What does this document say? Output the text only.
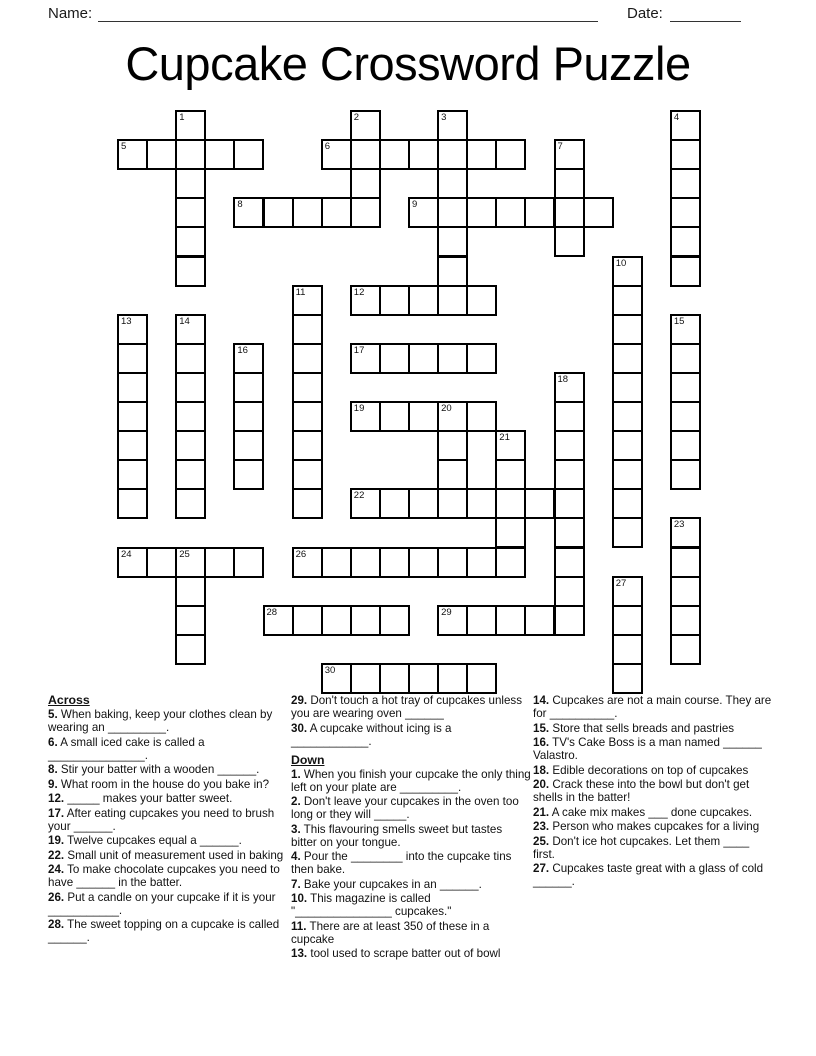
Name:	Date:
Cupcake Crossword Puzzle
1	2	3	4
5	6	7
8	9
10
11	12
13	14	15
16	17
18
19	20
21
22
23
24	25	26
27
28	29
30

Across

5. When baking, keep your clothes clean by wearing an _________.

6. A small iced cake is called a _______________.

8. Stir your batter with a wooden ______.

9. What room in the house do you bake in?

12. _____ makes your batter sweet.

17. After eating cupcakes you need to brush your ______.

19. Twelve cupcakes equal a ______.

22. Small unit of measurement used in baking

24. To make chocolate cupcakes you need to have ______ in the batter.

26. Put a candle on your cupcake if it is your ___________.

28. The sweet topping on a cupcake is called ______.

29. Don't touch a hot tray of cupcakes unless you are wearing oven ______

30. A cupcake without icing is a ____________.

Down

1. When you finish your cupcake the only thing left on your plate are _________.

2. Don't leave your cupcakes in the oven too long or they will _____.

3. This flavouring smells sweet but tastes bitter on your tongue.

4. Pour the ________ into the cupcake tins then bake.

7. Bake your cupcakes in an ______.

10. This magazine is called "_______________ cupcakes."

11. There are at least 350 of these in a cupcake

13. tool used to scrape batter out of bowl

14. Cupcakes are not a main course. They are for __________.

15. Store that sells breads and pastries

16. TV's Cake Boss is a man named ______ Valastro.

18. Edible decorations on top of cupcakes

20. Crack these into the bowl but don't get shells in the batter!

21. A cake mix makes ___ done cupcakes.

23. Person who makes cupcakes for a living

25. Don't ice hot cupcakes. Let them ____ first.

27. Cupcakes taste great with a glass of cold ______.
